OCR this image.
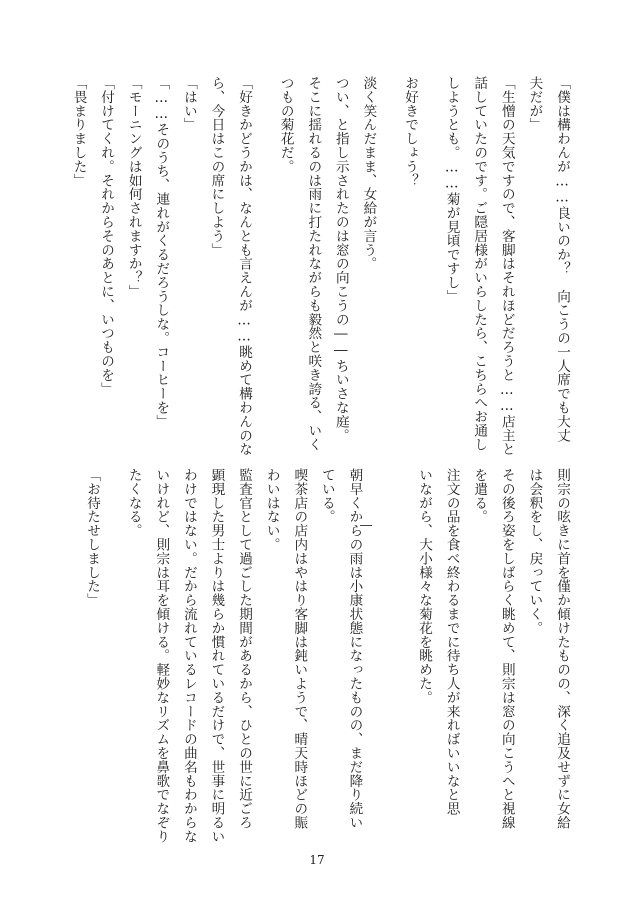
「僕は構わんが……良いのか？　向こうの一人席でも大丈
夫だが」
「生憎の天気ですので、客脚はそれほどだろうと……店主と
話していたのです。ご隠居様がいらしたら、こちらへお通し
しようとも。……菊が見頃ですし」
お好きでしょう？
淡く笑んだまま、女給が言う。
つい、と指し示されたのは窓の向こうの――ちいさな庭。
そこに揺れるのは雨に打たれながらも毅然と咲き誇る、いく
つもの菊花だ。
「好きかどうかは、なんとも言えんが……眺めて構わんのな
ら、今日はこの席にしよう」
「はい」
「……そのうち、連れがくるだろうしな。コーヒーを」
「モーニングは如何されますか？」
「付けてくれ。それからそのあとに、いつものを」
「畏まりました」
則宗の呟きに首を僅か傾けたものの、深く追及せずに女給
は会釈をし、戻っていく。
その後ろ姿をしばらく眺めて、則宗は窓の向こうへと視線
を遣る。
注文の品を食べ終わるまでに待ち人が来ればいいなと思
いながら、大小様々な菊花を眺めた。
朝早くからの雨は小康状態になったものの、まだ降り続い
ている。
喫茶店の店内はやはり客脚は鈍いようで、晴天時ほどの賑
わいはない。
監査官として過ごした期間があるから、ひとの世に近ごろ
顕現した男士よりは幾らか慣れているだけで、世事に明るい
わけではない。だから流れているレコードの曲名もわからな
いけれど、則宗は耳を傾ける。軽妙なリズムを鼻歌でなぞり
たくなる。
「お待たせしました」
17
